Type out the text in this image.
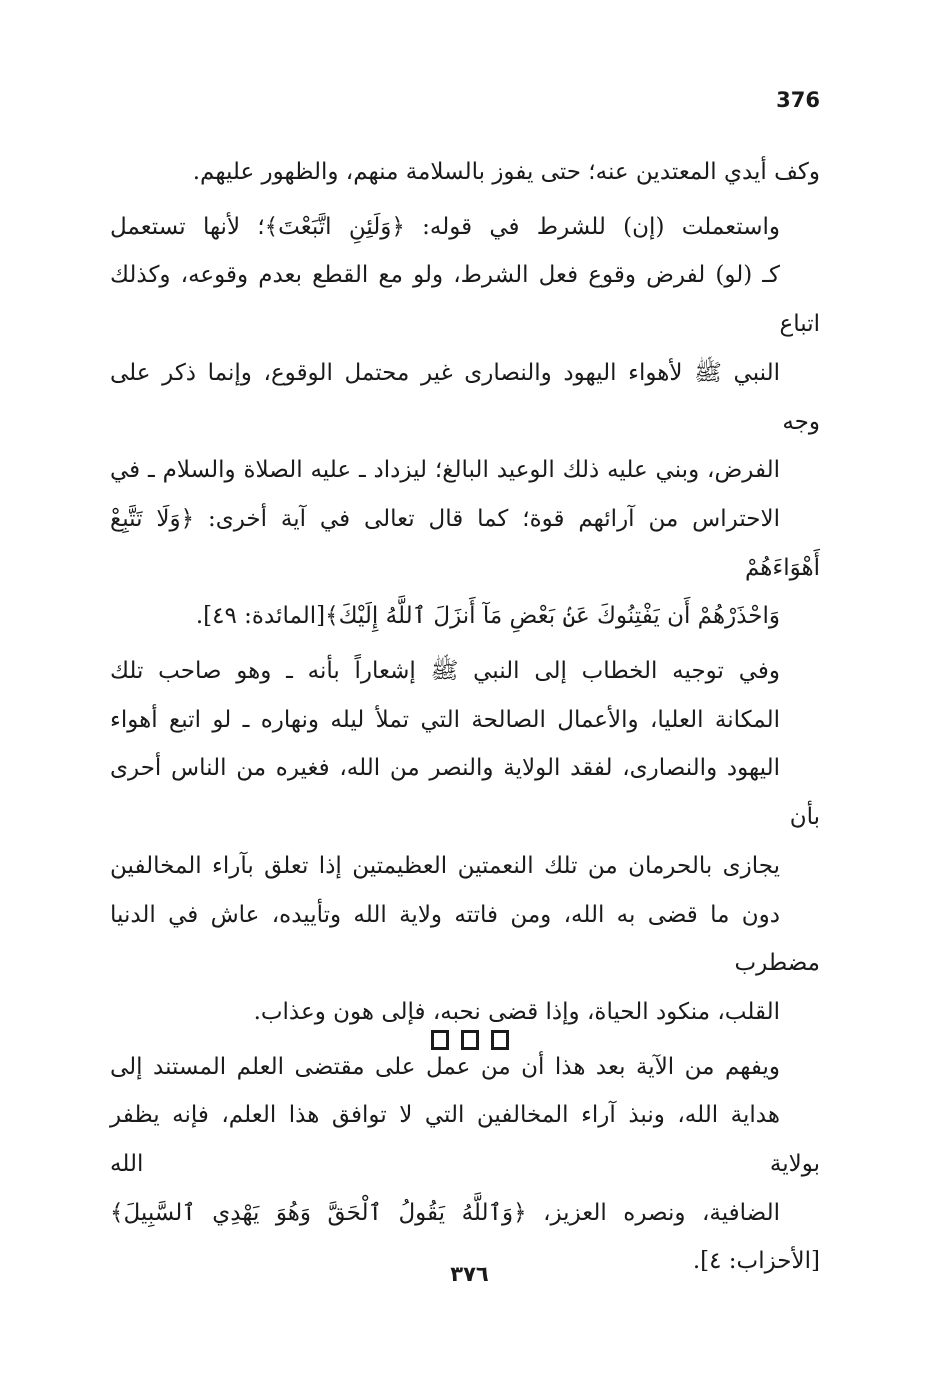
376

وكف أيدي المعتدين عنه؛ حتى يفوز بالسلامة منهم، والظهور عليهم.

واستعملت (إن) للشرط في قوله: ﴿وَلَئِنِ اتَّبَعْتَ﴾؛ لأنها تستعمل
كـ (لو) لفرض وقوع فعل الشرط، ولو مع القطع بعدم وقوعه، وكذلك اتباع
النبي ﷺ لأهواء اليهود والنصارى غير محتمل الوقوع، وإنما ذكر على وجه
الفرض، وبني عليه ذلك الوعيد البالغ؛ ليزداد ـ عليه الصلاة والسلام ـ في
الاحتراس من آرائهم قوة؛ كما قال تعالى في آية أخرى: ﴿وَلَا تَتَّبِعْ أَهْوَاءَهُمْ
وَاحْذَرْهُمْ أَن يَفْتِنُوكَ عَنۢ بَعْضِ مَآ أَنزَلَ ٱللَّهُ إِلَيْكَ﴾[المائدة: ٤٩].

وفي توجيه الخطاب إلى النبي ﷺ إشعاراً بأنه ـ وهو صاحب تلك
المكانة العليا، والأعمال الصالحة التي تملأ ليله ونهاره ـ لو اتبع أهواء
اليهود والنصارى، لفقد الولاية والنصر من الله، فغيره من الناس أحرى بأن
يجازى بالحرمان من تلك النعمتين العظيمتين إذا تعلق بآراء المخالفين
دون ما قضى به الله، ومن فاتته ولاية الله وتأييده، عاش في الدنيا مضطرب
القلب، منكود الحياة، وإذا قضى نحبه، فإلى هون وعذاب.

ويفهم من الآية بعد هذا أن من عمل على مقتضى العلم المستند إلى
هداية الله، ونبذ آراء المخالفين التي لا توافق هذا العلم، فإنه يظفر بولاية الله
الضافية، ونصره العزيز، ﴿وَٱللَّهُ يَقُولُ ٱلْحَقَّ وَهُوَ يَهْدِي ٱلسَّبِيلَ﴾[الأحزاب: ٤].

٣٧٦
